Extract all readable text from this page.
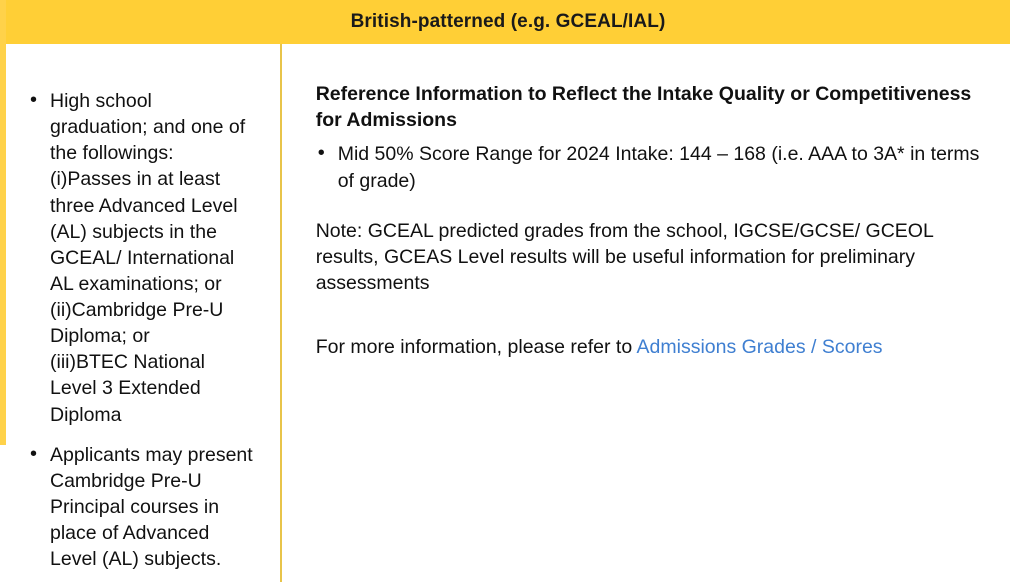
British-patterned (e.g. GCEAL/IAL)
• High school graduation; and one of the followings:
(i)Passes in at least three Advanced Level (AL) subjects in the GCEAL/ International AL examinations; or
(ii)Cambridge Pre-U Diploma; or
(iii)BTEC National Level 3 Extended Diploma
• Applicants may present Cambridge Pre-U Principal courses in place of Advanced Level (AL) subjects.
Reference Information to Reflect the Intake Quality or Competitiveness for Admissions
• Mid 50% Score Range for 2024 Intake: 144 – 168 (i.e. AAA to 3A* in terms of grade)
Note: GCEAL predicted grades from the school, IGCSE/GCSE/ GCEOL results, GCEAS Level results will be useful information for preliminary assessments
For more information, please refer to Admissions Grades / Scores
